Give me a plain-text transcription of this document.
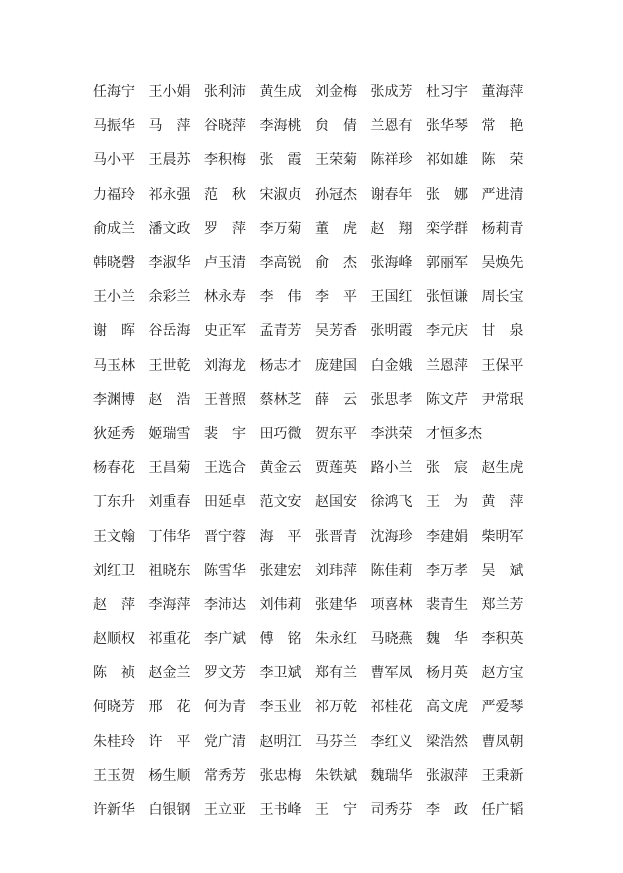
任海宁 王小娟 张利沛 黄生成 刘金梅 张成芳 杜习宇 董海萍
马振华 马　萍 谷晓萍 李海桃 贠　倩 兰恩有 张华琴 常　艳
马小平 王晨苏 李积梅 张　霞 王荣菊 陈祥珍 祁如雄 陈　荣
力福玲 祁永强 范　秋 宋淑贞 孙冠杰 谢春年 张　娜 严进清
俞成兰 潘文政 罗　萍 李万菊 董　虎 赵　翔 栾学群 杨莉青
韩晓磬 李淑华 卢玉清 李高锐 俞　杰 张海峰 郭丽军 吴焕先
王小兰 余彩兰 林永寿 李　伟 李　平 王国红 张恒谦 周长宝
谢　晖 谷岳海 史正军 孟青芳 吴芳香 张明霞 李元庆 甘　泉
马玉林 王世乾 刘海龙 杨志才 庞建国 白金娥 兰恩萍 王保平
李渊博 赵　浩 王普照 蔡林芝 薛　云 张思孝 陈文芹 尹常珉
狄延秀 姬瑞雪 裴　宇 田巧微 贺东平 李洪荣 才恒多杰
杨春花 王昌菊 王选合 黄金云 贾莲英 路小兰 张　宸 赵生虎
丁东升 刘重春 田延卓 范文安 赵国安 徐鸿飞 王　为 黄　萍
王文翰 丁伟华 晋宁蓉 海　平 张晋青 沈海珍 李建娟 柴明军
刘红卫 祖晓东 陈雪华 张建宏 刘玮萍 陈佳莉 李万孝 吴　斌
赵　萍 李海萍 李沛达 刘伟莉 张建华 项喜林 裴青生 郑兰芳
赵顺权 祁重花 李广斌 傅　铭 朱永红 马晓燕 魏　华 李积英
陈　祯 赵金兰 罗文芳 李卫斌 郑有兰 曹军凤 杨月英 赵方宝
何晓芳 邢　花 何为青 李玉业 祁万乾 祁桂花 高文虎 严爱琴
朱桂玲 许　平 党广清 赵明江 马芬兰 李红义 梁浩然 曹凤朝
王玉贺 杨生顺 常秀芳 张忠梅 朱铁斌 魏瑞华 张淑萍 王秉新
许新华 白银钢 王立亚 王书峰 王　宁 司秀芬 李　政 任广韬
